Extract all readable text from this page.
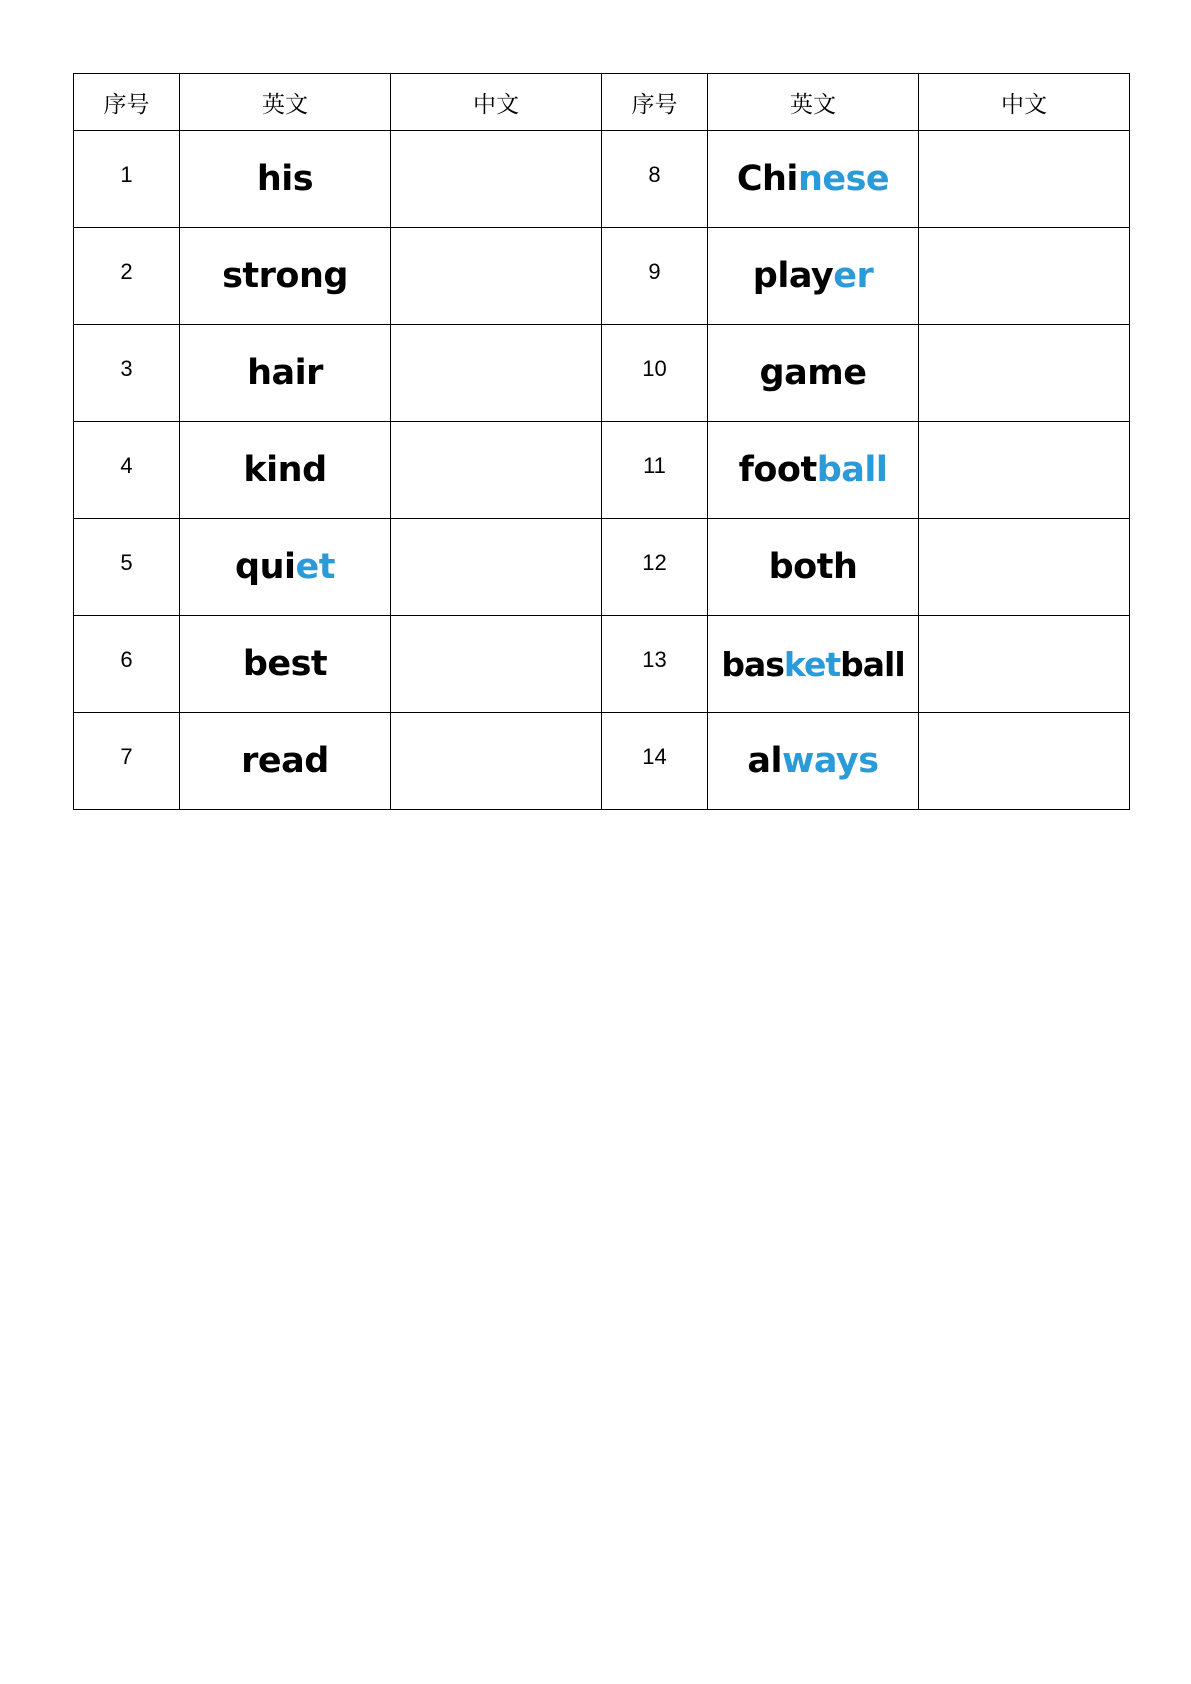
序号	英文	中文	序号	英文	中文
1	his		8	Chinese	
2	strong		9	player	
3	hair		10	game	
4	kind		11	football	
5	quiet		12	both	
6	best		13	basketball	
7	read		14	always	
